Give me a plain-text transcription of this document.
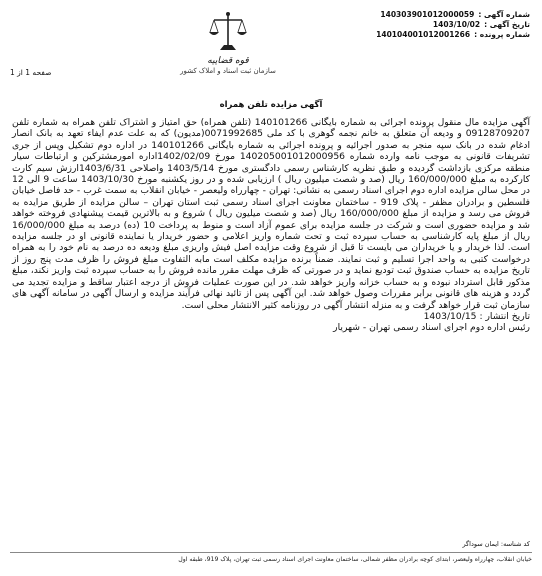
شماره آگهی :
140303901012000059
تاریخ آگهی :
1403/10/02
شماره پرونده :
140104001012001266
قوه قضاییه
سازمان ثبت اسناد و املاک کشور
صفحه 1 از 1
آگهی مزایده تلفن همراه
آگهی مزایده مال منقول پرونده اجرائی به شماره بایگانی 140101266 (تلفن همراه) حق امتیاز و اشتراک تلفن همراه به شماره تلفن 09128709207 و ودیعه آن متعلق به خانم نجمه گوهری با کد ملی 0071992685(مدیون) که به علت عدم ایفاء تعهد به بانک انصار ادغام شده در بانک سپه منجر به صدور اجرائیه و پرونده اجرائی به شماره بایگانی 140101266 در اداره دوم تشکیل وپس از جری تشریفات قانونی به موجب نامه وارده شماره 140205001012000956 مورخ 1402/02/09اداره امورمشترکین و ارتباطات سیار منطقه مرکزی بازداشت گردیده و طبق نظریه کارشناس رسمی دادگستری مورخ 1403/5/14 واصلاحی 1403/6/31ارزش سیم کارت کارکرده به مبلغ 160/000/000 ریال (صد و شصت میلیون ریال ) ارزیابی شده و در روز یکشنبه مورخ 1403/10/30 ساعت 9 الی 12 در محل سالن مزایده اداره دوم اجرای اسناد رسمی به نشانی: تهران - چهارراه ولیعصر - خیابان انقلاب به سمت غرب - حد فاصل خیابان فلسطین و برادران مظفر - پلاک 919 - ساختمان معاونت اجرای اسناد رسمی ثبت استان تهران – سالن مزایده از طریق مزایده به فروش می رسد و مزایده از مبلغ 160/000/000 ریال (صد و شصت میلیون ریال ) شروع و به بالاترین قیمت پیشنهادی فروخته خواهد شد و مزایده حضوری است و شرکت در جلسه مزایده برای عموم آزاد است و منوط به پرداخت 10 (ده) درصد به مبلغ 16/000/000 ریال از مبلغ پایه کارشناسی به حساب سپرده ثبت و تحت شماره واریز اعلامی و حضور خریدار یا نماینده قانونی او در جلسه مزایده است. لذا خریدار و یا خریداران می بایست تا قبل از شروع وقت مزایده اصل فیش واریزی مبلغ ودیعه ده درصد به نام خود را به همراه درخواست کتبی به واحد اجرا تسلیم و ثبت نمایند. ضمناً برنده مزایده مکلف است مابه التفاوت مبلغ فروش را ظرف مدت پنج روز از تاریخ مزایده به حساب صندوق ثبت تودیع نماید و در صورتی که ظرف مهلت مقرر مانده فروش را به حساب سپرده ثبت واریز نکند، مبلغ مذکور قابل استرداد نبوده و به حساب خزانه واریز خواهد شد. در این صورت عملیات فروش از درجه اعتبار ساقط و مزایده تجدید می گردد و هزینه های قانونی برابر مقررات وصول خواهد شد. این آگهی پس از تائید نهائی فرآیند مزایده و ارسال آگهی در سامانه آگهی های سازمان ثبت قرار خواهد گرفت و به منزله انتشار آگهی در روزنامه کثیر الانتشار محلی است.
تاریخ انتشار : 1403/10/15
رئیس اداره دوم اجرای اسناد رسمی تهران - شهریار
کد شناسه: ایمان سوداگر
خیابان انقلاب، چهارراه ولیعصر، ابتدای کوچه برادران مظفر شمالی، ساختمان معاونت اجرای اسناد رسمی ثبت تهران، پلاک 919، طبقه اول
